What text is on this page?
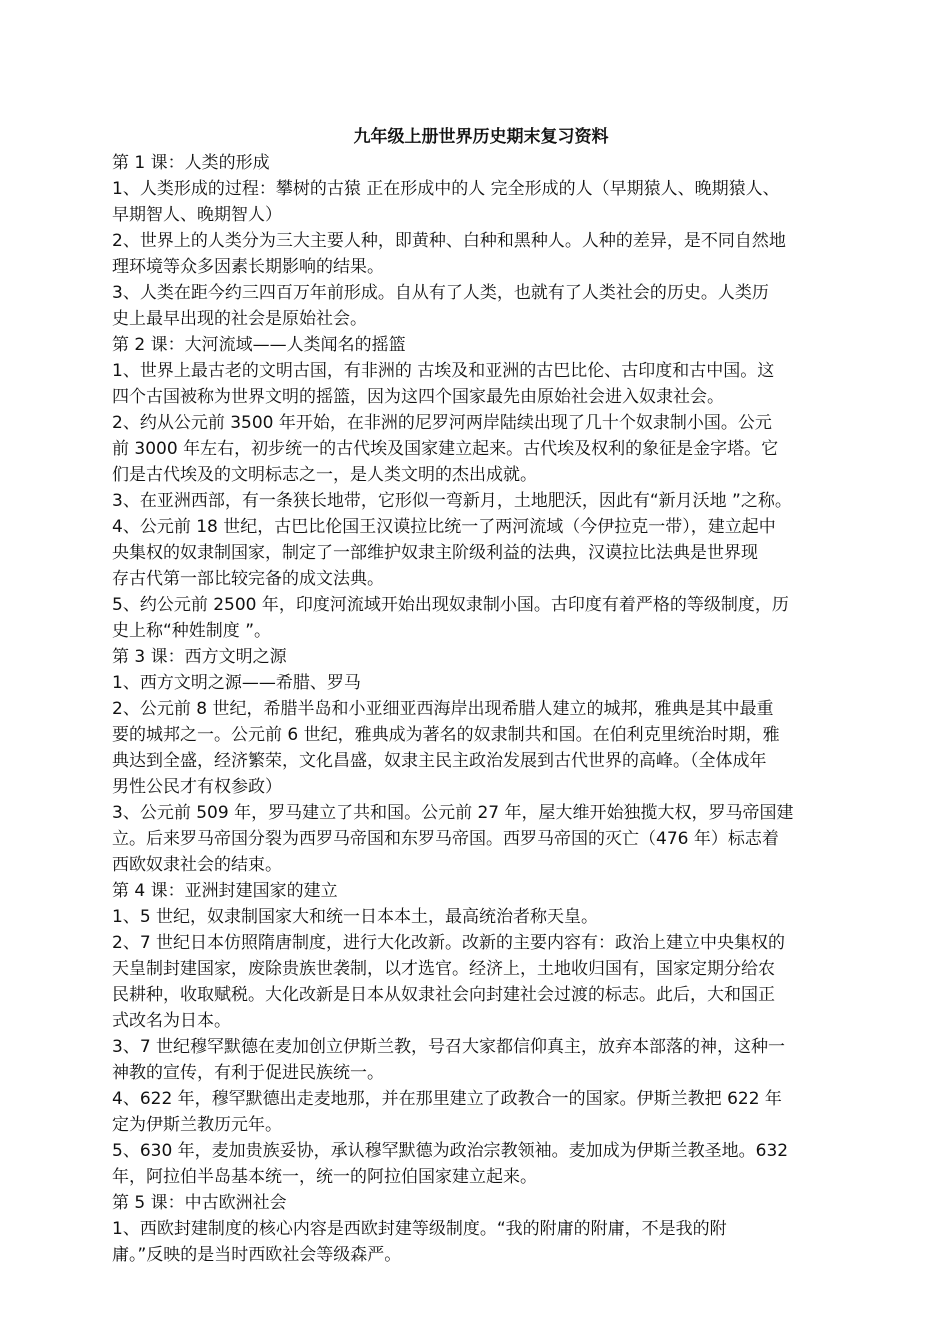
九年级上册世界历史期末复习资料
第 1 课：人类的形成
1、人类形成的过程：攀树的古猿 正在形成中的人 完全形成的人（早期猿人、晚期猿人、
早期智人、晚期智人）
2、世界上的人类分为三大主要人种，即黄种、白种和黑种人。人种的差异，是不同自然地
理环境等众多因素长期影响的结果。
3、人类在距今约三四百万年前形成。自从有了人类，也就有了人类社会的历史。人类历
史上最早出现的社会是原始社会。
第 2 课：大河流域——人类闻名的摇篮
1、世界上最古老的文明古国，有非洲的 古埃及和亚洲的古巴比伦、古印度和古中国。这
四个古国被称为世界文明的摇篮，因为这四个国家最先由原始社会进入奴隶社会。
2、约从公元前 3500 年开始，在非洲的尼罗河两岸陆续出现了几十个奴隶制小国。公元
前 3000 年左右，初步统一的古代埃及国家建立起来。古代埃及权利的象征是金字塔。它
们是古代埃及的文明标志之一，是人类文明的杰出成就。
3、在亚洲西部，有一条狭长地带，它形似一弯新月，土地肥沃，因此有“新月沃地 ”之称。
4、公元前 18 世纪，古巴比伦国王汉谟拉比统一了两河流域（今伊拉克一带），建立起中
央集权的奴隶制国家，制定了一部维护奴隶主阶级利益的法典，汉谟拉比法典是世界现
存古代第一部比较完备的成文法典。
5、约公元前 2500 年，印度河流域开始出现奴隶制小国。古印度有着严格的等级制度，历
史上称“种姓制度 ”。
第 3 课：西方文明之源
1、西方文明之源——希腊、罗马
2、公元前 8 世纪，希腊半岛和小亚细亚西海岸出现希腊人建立的城邦，雅典是其中最重
要的城邦之一。公元前 6 世纪，雅典成为著名的奴隶制共和国。在伯利克里统治时期，雅
典达到全盛，经济繁荣，文化昌盛，奴隶主民主政治发展到古代世界的高峰。（全体成年
男性公民才有权参政）
3、公元前 509 年，罗马建立了共和国。公元前 27 年，屋大维开始独揽大权，罗马帝国建
立。后来罗马帝国分裂为西罗马帝国和东罗马帝国。西罗马帝国的灭亡（476 年）标志着
西欧奴隶社会的结束。
第 4 课：亚洲封建国家的建立
1、5 世纪，奴隶制国家大和统一日本本土，最高统治者称天皇。
2、7 世纪日本仿照隋唐制度，进行大化改新。改新的主要内容有：政治上建立中央集权的
天皇制封建国家，废除贵族世袭制，以才选官。经济上，土地收归国有，国家定期分给农
民耕种，收取赋税。大化改新是日本从奴隶社会向封建社会过渡的标志。此后，大和国正
式改名为日本。
3、7 世纪穆罕默德在麦加创立伊斯兰教，号召大家都信仰真主，放弃本部落的神，这种一
神教的宣传，有利于促进民族统一。
4、622 年，穆罕默德出走麦地那，并在那里建立了政教合一的国家。伊斯兰教把 622 年
定为伊斯兰教历元年。
5、630 年，麦加贵族妥协，承认穆罕默德为政治宗教领袖。麦加成为伊斯兰教圣地。632
年，阿拉伯半岛基本统一，统一的阿拉伯国家建立起来。
第 5 课：中古欧洲社会
1、西欧封建制度的核心内容是西欧封建等级制度。“我的附庸的附庸，不是我的附
庸。”反映的是当时西欧社会等级森严。
